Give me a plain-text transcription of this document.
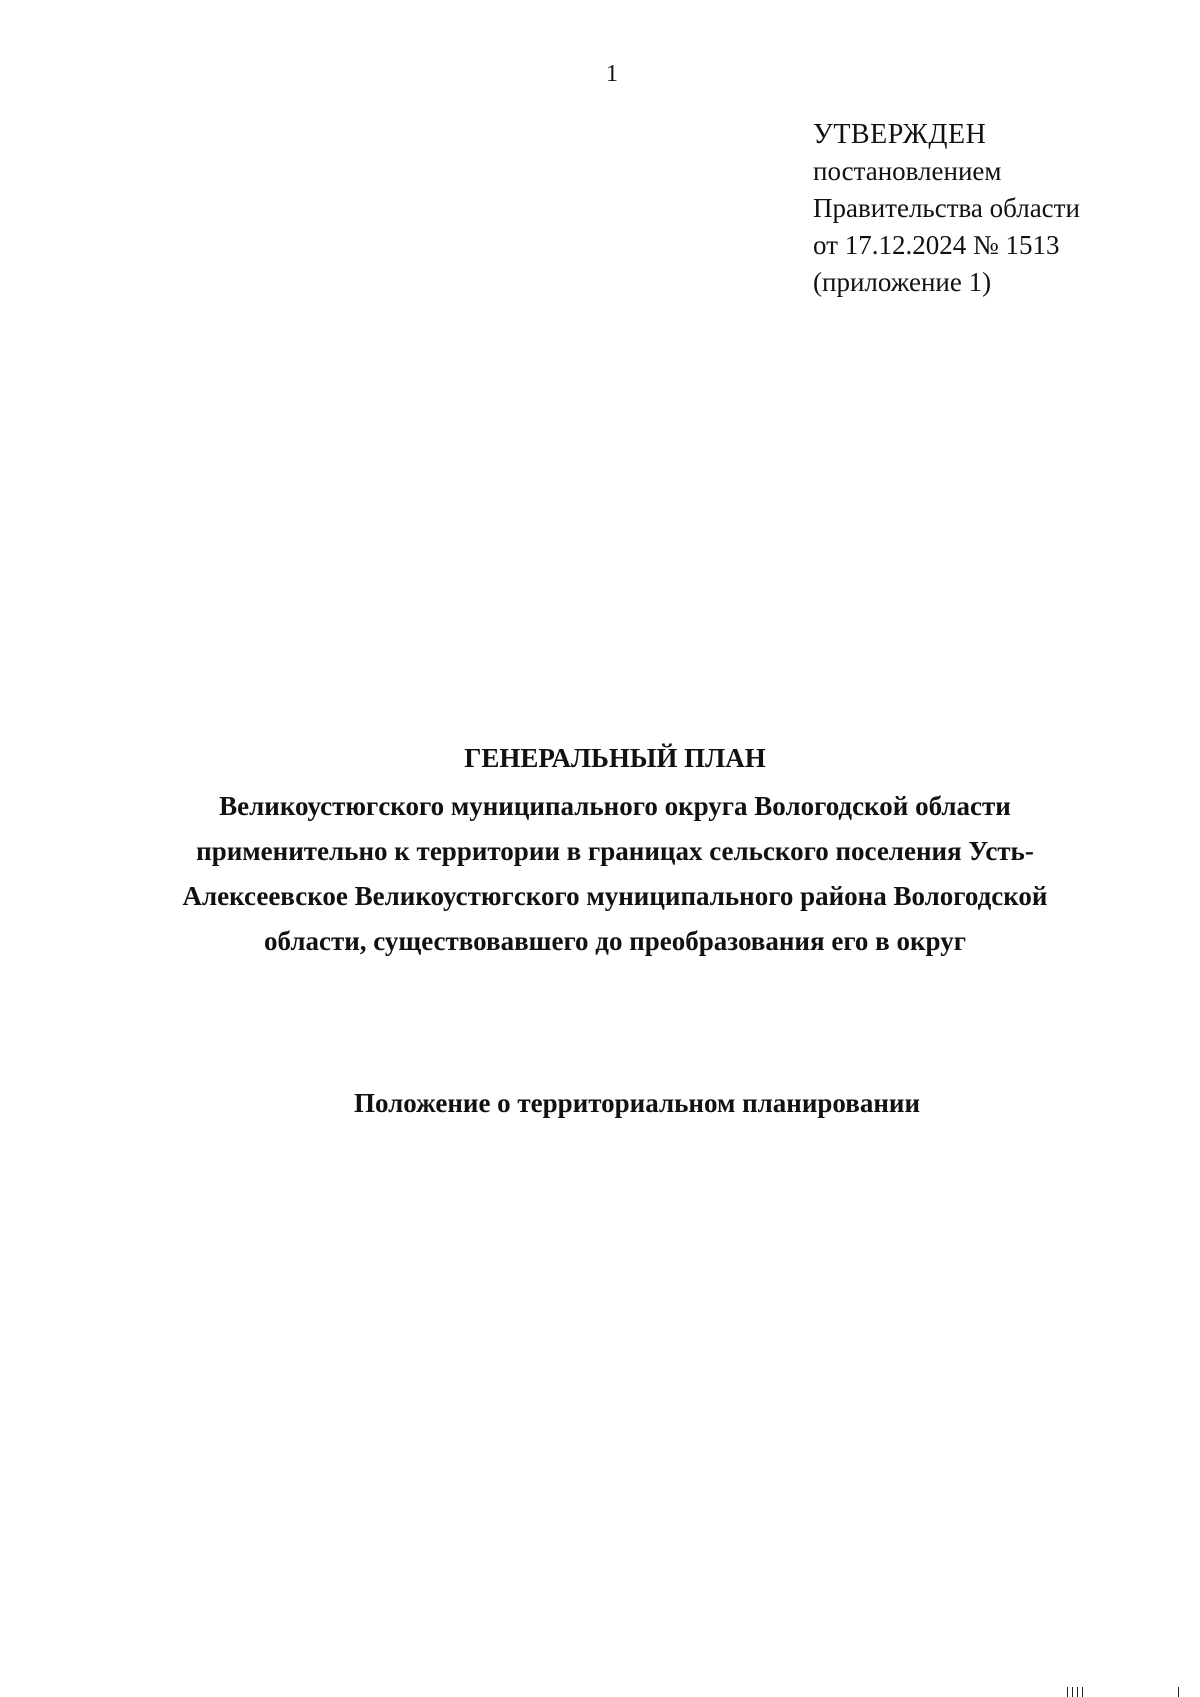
1
УТВЕРЖДЕН
постановлением
Правительства области
от 17.12.2024 № 1513
(приложение 1)
ГЕНЕРАЛЬНЫЙ ПЛАН
Великоустюгского муниципального округа Вологодской области
применительно к территории в границах сельского поселения Усть-
Алексеевское Великоустюгского муниципального района Вологодской
области, существовавшего до преобразования его в округ
Положение о территориальном планировании
